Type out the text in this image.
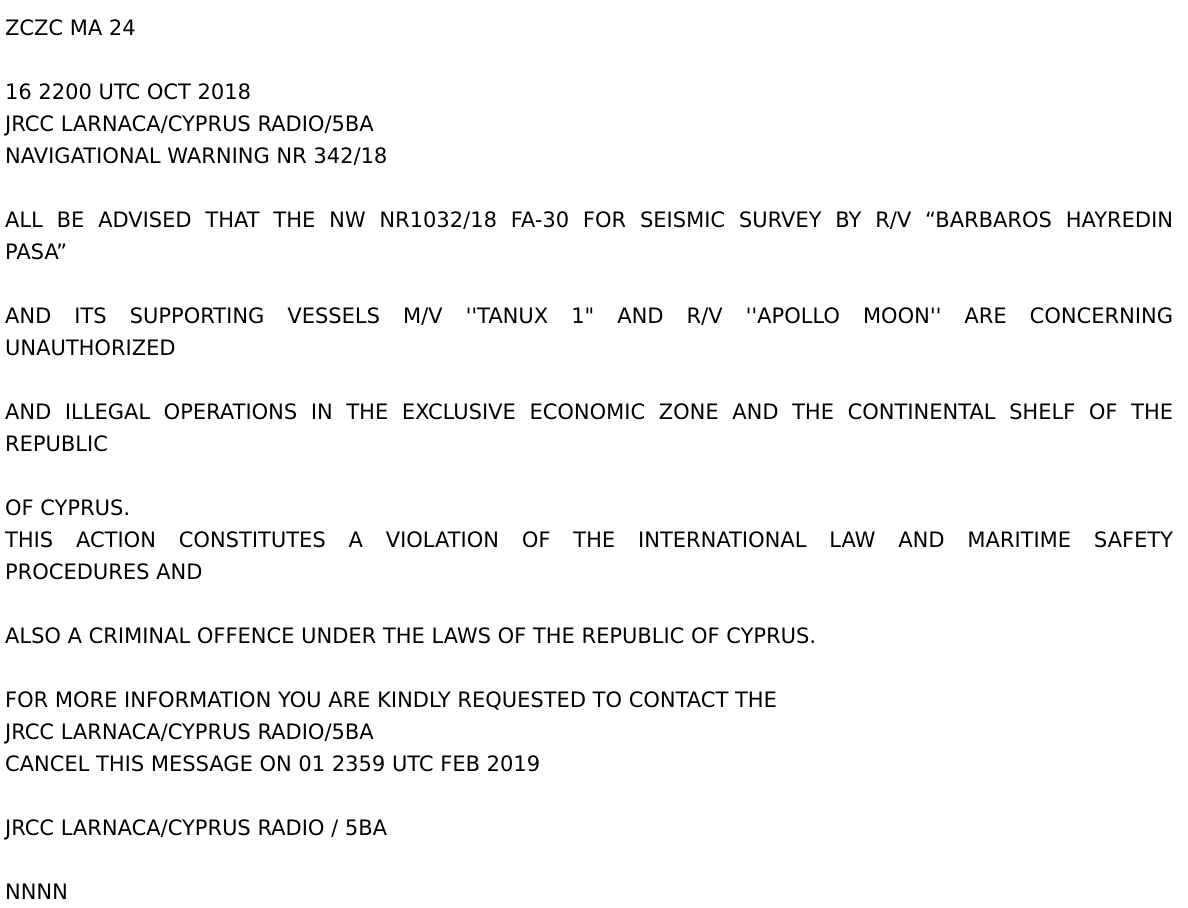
ZCZC MA 24
16 2200 UTC OCT 2018
JRCC LARNACA/CYPRUS RADIO/5BA
NAVIGATIONAL WARNING NR 342/18
ALL BE ADVISED THAT THE NW NR1032/18 FA-30 FOR SEISMIC SURVEY BY R/V “BARBAROS HAYREDIN
PASA”
AND ITS SUPPORTING VESSELS M/V ''TANUX 1" AND R/V ''APOLLO MOON'' ARE CONCERNING
UNAUTHORIZED
AND ILLEGAL OPERATIONS IN THE EXCLUSIVE ECONOMIC ZONE AND THE CONTINENTAL SHELF OF THE
REPUBLIC
OF CYPRUS.
THIS ACTION CONSTITUTES A VIOLATION OF THE INTERNATIONAL LAW AND MARITIME SAFETY
PROCEDURES AND
ALSO A CRIMINAL OFFENCE UNDER THE LAWS OF THE REPUBLIC OF CYPRUS.
FOR MORE INFORMATION YOU ARE KINDLY REQUESTED TO CONTACT THE
JRCC LARNACA/CYPRUS RADIO/5BA
CANCEL THIS MESSAGE ON 01 2359 UTC FEB 2019
JRCC LARNACA/CYPRUS RADIO / 5BA
NNNN
